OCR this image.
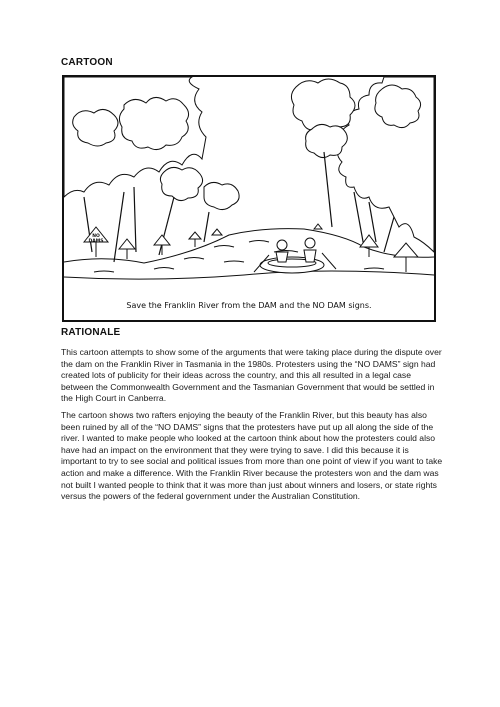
CARTOON
NO
DAMS
Save the Franklin River from the DAM and the NO DAM signs.
RATIONALE

This cartoon attempts to show some of the arguments that were taking place during the dispute over the dam on the Franklin River in Tasmania in the 1980s. Protesters using the “NO DAMS” sign had created lots of publicity for their ideas across the country, and this all resulted in a legal case between the Commonwealth Government and the Tasmanian Government that would be settled in the High Court in Canberra.

The cartoon shows two rafters enjoying the beauty of the Franklin River, but this beauty has also been ruined by all of the “NO DAMS” signs that the protesters have put up all along the side of the river. I wanted to make people who looked at the cartoon think about how the protesters could also have had an impact on the environment that they were trying to save. I did this because it is important to try to see social and political issues from more than one point of view if you want to take action and make a difference. With the Franklin River because the protesters won and the dam was not built I wanted people to think that it was more than just about winners and losers, or state rights versus the powers of the federal government under the Australian Constitution.
